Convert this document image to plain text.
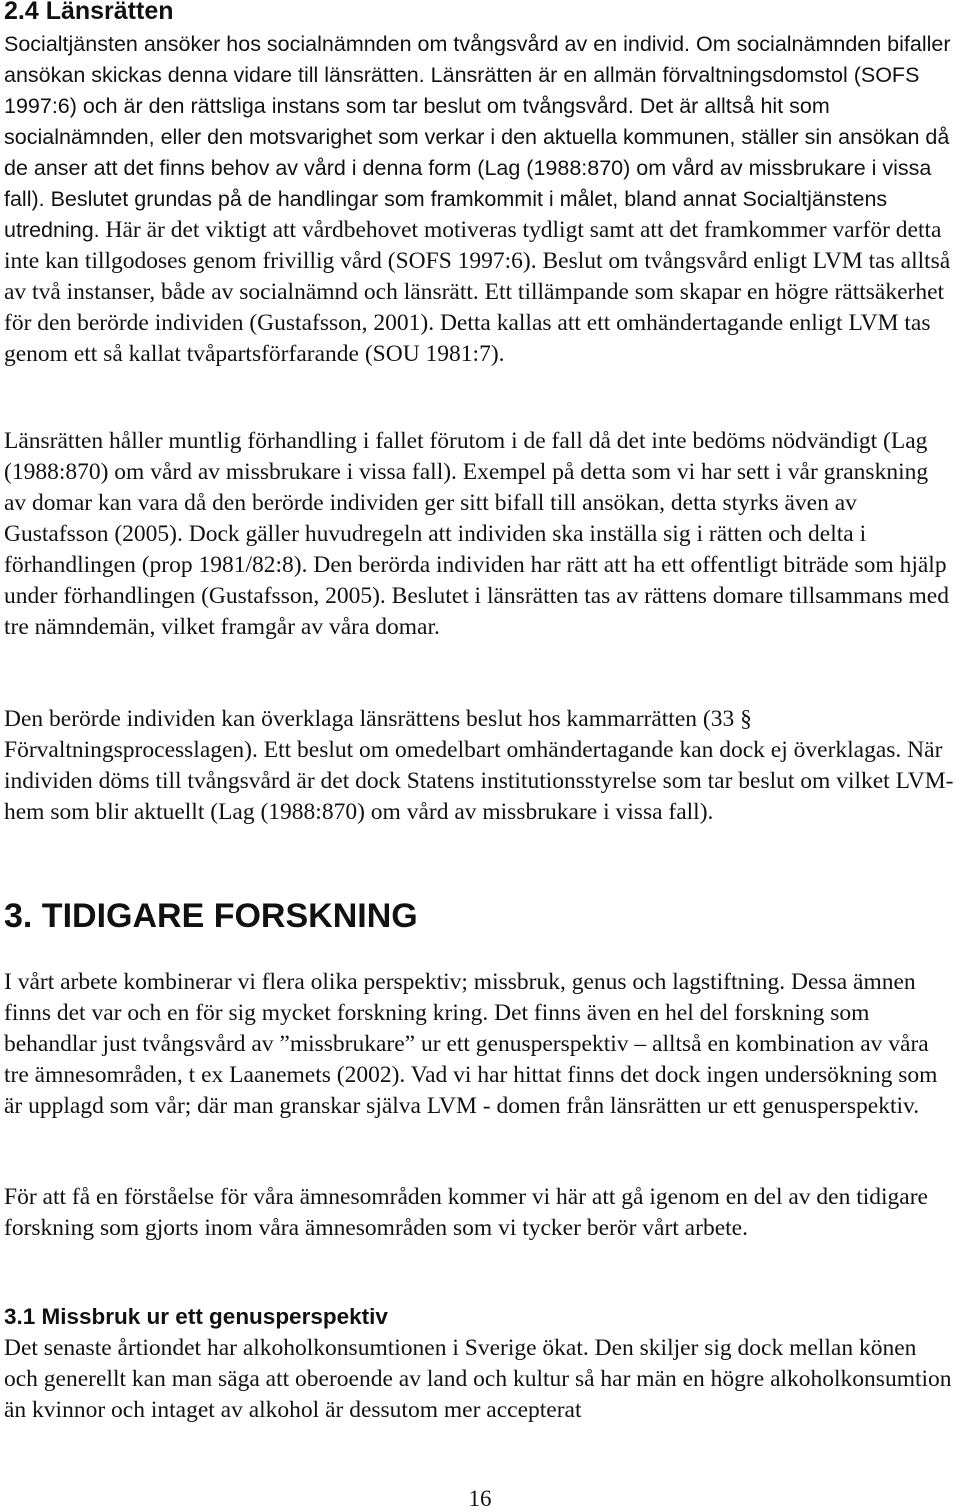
2.4 Länsrätten

Socialtjänsten ansöker hos socialnämnden om tvångsvård av en individ. Om socialnämnden bifaller ansökan skickas denna vidare till länsrätten. Länsrätten är en allmän förvaltningsdomstol (SOFS 1997:6) och är den rättsliga instans som tar beslut om tvångsvård. Det är alltså hit som socialnämnden, eller den motsvarighet som verkar i den aktuella kommunen, ställer sin ansökan då de anser att det finns behov av vård i denna form (Lag (1988:870) om vård av missbrukare i vissa fall). Beslutet grundas på de handlingar som framkommit i målet, bland annat Socialtjänstens utredning. Här är det viktigt att vårdbehovet motiveras tydligt samt att det framkommer varför detta inte kan tillgodoses genom frivillig vård (SOFS 1997:6). Beslut om tvångsvård enligt LVM tas alltså av två instanser, både av socialnämnd och länsrätt. Ett tillämpande som skapar en högre rättsäkerhet för den berörde individen (Gustafsson, 2001). Detta kallas att ett omhändertagande enligt LVM tas genom ett så kallat tvåpartsförfarande (SOU 1981:7).

Länsrätten håller muntlig förhandling i fallet förutom i de fall då det inte bedöms nödvändigt (Lag (1988:870) om vård av missbrukare i vissa fall). Exempel på detta som vi har sett i vår granskning av domar kan vara då den berörde individen ger sitt bifall till ansökan, detta styrks även av Gustafsson (2005). Dock gäller huvudregeln att individen ska inställa sig i rätten och delta i förhandlingen (prop 1981/82:8). Den berörda individen har rätt att ha ett offentligt biträde som hjälp under förhandlingen (Gustafsson, 2005). Beslutet i länsrätten tas av rättens domare tillsammans med tre nämndemän, vilket framgår av våra domar.

Den berörde individen kan överklaga länsrättens beslut hos kammarrätten (33 § Förvaltningsprocesslagen). Ett beslut om omedelbart omhändertagande kan dock ej överklagas. När individen döms till tvångsvård är det dock Statens institutionsstyrelse som tar beslut om vilket LVM-hem som blir aktuellt (Lag (1988:870) om vård av missbrukare i vissa fall).

3. TIDIGARE FORSKNING

I vårt arbete kombinerar vi flera olika perspektiv; missbruk, genus och lagstiftning. Dessa ämnen finns det var och en för sig mycket forskning kring. Det finns även en hel del forskning som behandlar just tvångsvård av ”missbrukare” ur ett genusperspektiv – alltså en kombination av våra tre ämnesområden, t ex Laanemets (2002). Vad vi har hittat finns det dock ingen undersökning som är upplagd som vår; där man granskar själva LVM - domen från länsrätten ur ett genusperspektiv.

För att få en förståelse för våra ämnesområden kommer vi här att gå igenom en del av den tidigare forskning som gjorts inom våra ämnesområden som vi tycker berör vårt arbete.

3.1 Missbruk ur ett genusperspektiv

Det senaste årtiondet har alkoholkonsumtionen i Sverige ökat. Den skiljer sig dock mellan könen och generellt kan man säga att oberoende av land och kultur så har män en högre alkoholkonsumtion än kvinnor och intaget av alkohol är dessutom mer accepterat

16
